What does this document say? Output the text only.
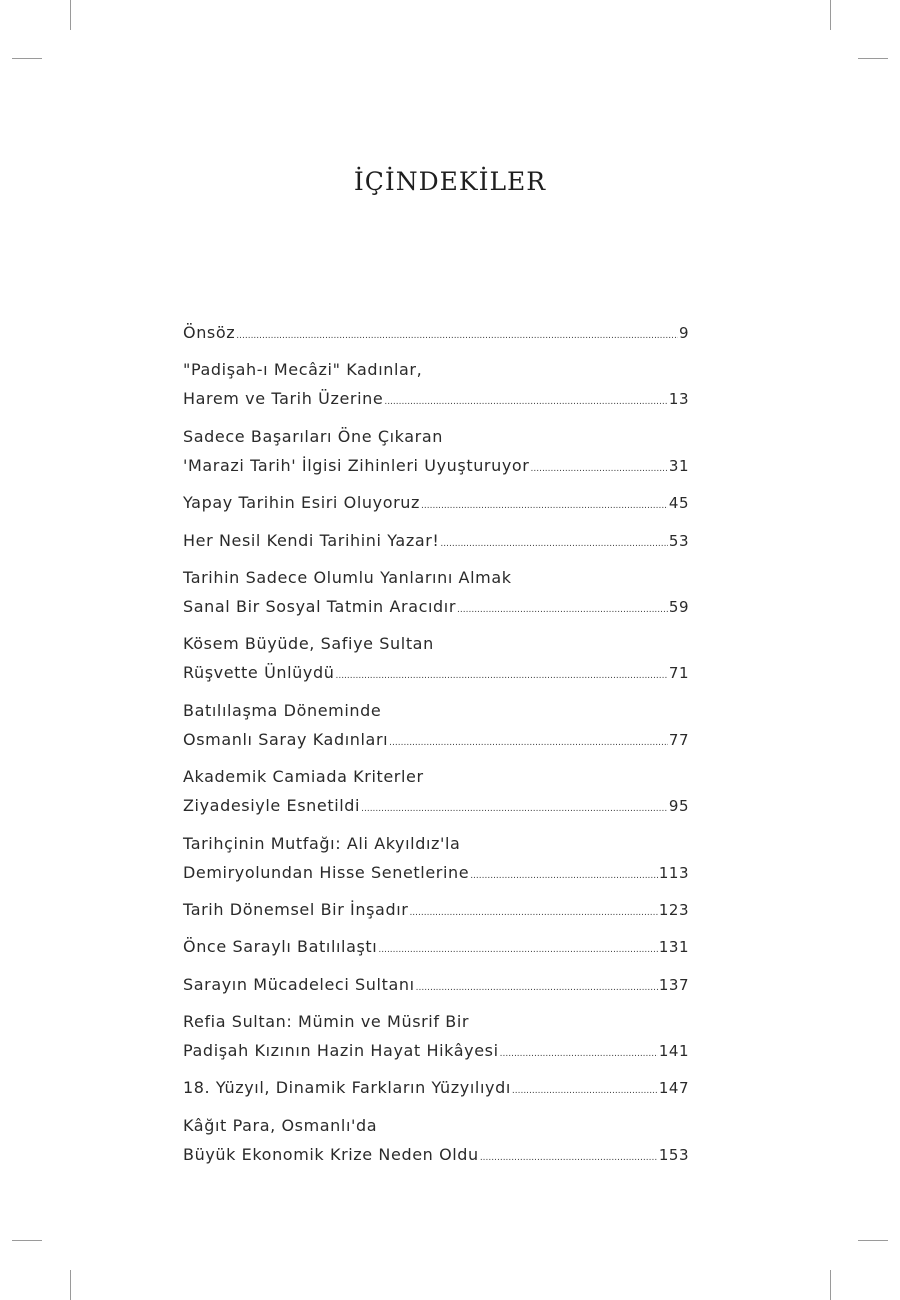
İÇİNDEKİLER
Önsöz .....	9
"Padişah-ı Mecâzi" Kadınlar,
Harem ve Tarih Üzerine .....	13
Sadece Başarıları Öne Çıkaran
'Marazi Tarih' İlgisi Zihinleri Uyuşturuyor .....	31
Yapay Tarihin Esiri Oluyoruz .....	45
Her Nesil Kendi Tarihini Yazar! .....	53
Tarihin Sadece Olumlu Yanlarını Almak
Sanal Bir Sosyal Tatmin Aracıdır .....	59
Kösem Büyüde, Safiye Sultan
Rüşvette Ünlüydü .....	71
Batılılaşma Döneminde
Osmanlı Saray Kadınları .....	77
Akademik Camiada Kriterler
Ziyadesiyle Esnetildi .....	95
Tarihçinin Mutfağı: Ali Akyıldız'la
Demiryolundan Hisse Senetlerine .....	113
Tarih Dönemsel Bir İnşadır .....	123
Önce Saraylı Batılılaştı .....	131
Sarayın Mücadeleci Sultanı .....	137
Refia Sultan: Mümin ve Müsrif Bir
Padişah Kızının Hazin Hayat Hikâyesi .....	141
18. Yüzyıl, Dinamik Farkların Yüzyılıydı .....	147
Kâğıt Para, Osmanlı'da
Büyük Ekonomik Krize Neden Oldu .....	153
